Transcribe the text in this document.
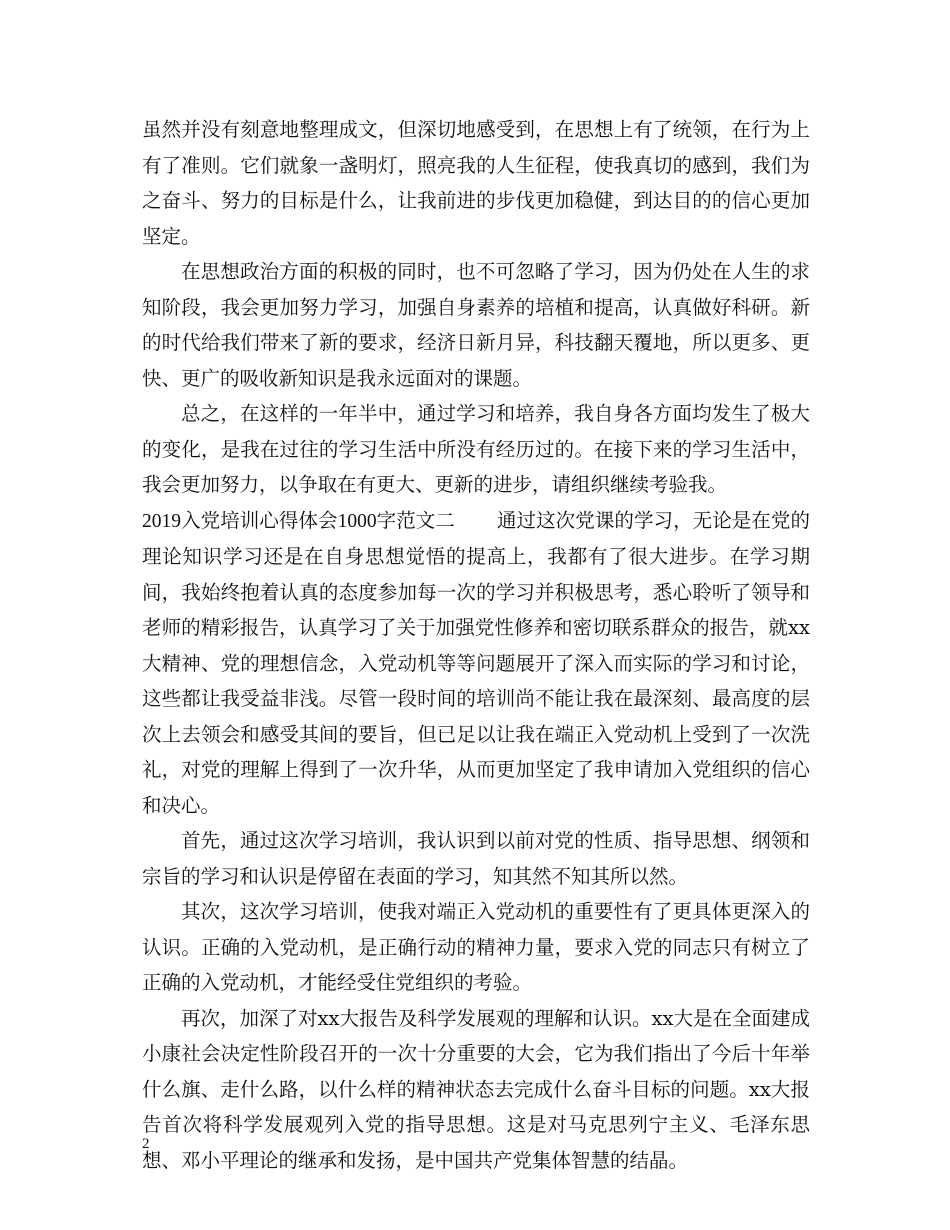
虽然并没有刻意地整理成文，但深切地感受到，在思想上有了统领，在行为上有了准则。它们就象一盏明灯，照亮我的人生征程，使我真切的感到，我们为之奋斗、努力的目标是什么，让我前进的步伐更加稳健，到达目的的信心更加坚定。

在思想政治方面的积极的同时，也不可忽略了学习，因为仍处在人生的求知阶段，我会更加努力学习，加强自身素养的培植和提高，认真做好科研。新的时代给我们带来了新的要求，经济日新月异，科技翻天覆地，所以更多、更快、更广的吸收新知识是我永远面对的课题。

总之，在这样的一年半中，通过学习和培养，我自身各方面均发生了极大的变化，是我在过往的学习生活中所没有经历过的。在接下来的学习生活中，我会更加努力，以争取在有更大、更新的进步，请组织继续考验我。

2019入党培训心得体会1000字范文二 通过这次党课的学习，无论是在党的理论知识学习还是在自身思想觉悟的提高上，我都有了很大进步。在学习期间，我始终抱着认真的态度参加每一次的学习并积极思考，悉心聆听了领导和老师的精彩报告，认真学习了关于加强党性修养和密切联系群众的报告，就xx大精神、党的理想信念，入党动机等等问题展开了深入而实际的学习和讨论，这些都让我受益非浅。尽管一段时间的培训尚不能让我在最深刻、最高度的层次上去领会和感受其间的要旨，但已足以让我在端正入党动机上受到了一次洗礼，对党的理解上得到了一次升华，从而更加坚定了我申请加入党组织的信心和决心。

首先，通过这次学习培训，我认识到以前对党的性质、指导思想、纲领和宗旨的学习和认识是停留在表面的学习，知其然不知其所以然。

其次，这次学习培训，使我对端正入党动机的重要性有了更具体更深入的认识。正确的入党动机，是正确行动的精神力量，要求入党的同志只有树立了正确的入党动机，才能经受住党组织的考验。

再次，加深了对xx大报告及科学发展观的理解和认识。xx大是在全面建成小康社会决定性阶段召开的一次十分重要的大会，它为我们指出了今后十年举什么旗、走什么路，以什么样的精神状态去完成什么奋斗目标的问题。xx大报告首次将科学发展观列入党的指导思想。这是对马克思列宁主义、毛泽东思想、邓小平理论的继承和发扬，是中国共产党集体智慧的结晶。

2
